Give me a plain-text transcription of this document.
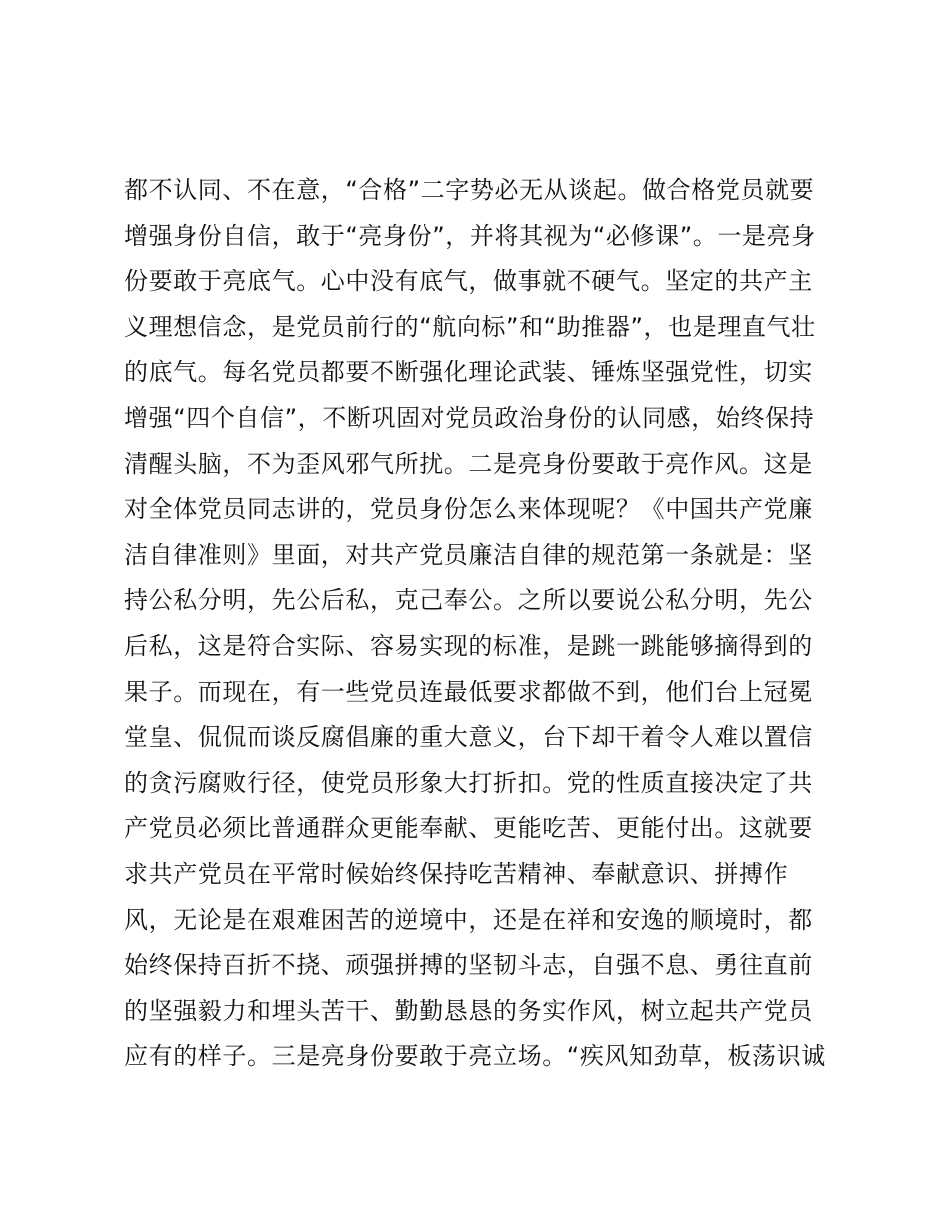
都不认同、不在意，“合格”二字势必无从谈起。做合格党员就要
增强身份自信，敢于“亮身份”，并将其视为“必修课”。一是亮身
份要敢于亮底气。心中没有底气，做事就不硬气。坚定的共产主
义理想信念，是党员前行的“航向标”和“助推器”，也是理直气壮
的底气。每名党员都要不断强化理论武装、锤炼坚强党性，切实
增强“四个自信”，不断巩固对党员政治身份的认同感，始终保持
清醒头脑，不为歪风邪气所扰。二是亮身份要敢于亮作风。这是
对全体党员同志讲的，党员身份怎么来体现呢？《中国共产党廉
洁自律准则》里面，对共产党员廉洁自律的规范第一条就是：坚
持公私分明，先公后私，克己奉公。之所以要说公私分明，先公
后私，这是符合实际、容易实现的标准，是跳一跳能够摘得到的
果子。而现在，有一些党员连最低要求都做不到，他们台上冠冕
堂皇、侃侃而谈反腐倡廉的重大意义，台下却干着令人难以置信
的贪污腐败行径，使党员形象大打折扣。党的性质直接决定了共
产党员必须比普通群众更能奉献、更能吃苦、更能付出。这就要
求共产党员在平常时候始终保持吃苦精神、奉献意识、拼搏作
风，无论是在艰难困苦的逆境中，还是在祥和安逸的顺境时，都
始终保持百折不挠、顽强拼搏的坚韧斗志，自强不息、勇往直前
的坚强毅力和埋头苦干、勤勤恳恳的务实作风，树立起共产党员
应有的样子。三是亮身份要敢于亮立场。“疾风知劲草，板荡识诚
